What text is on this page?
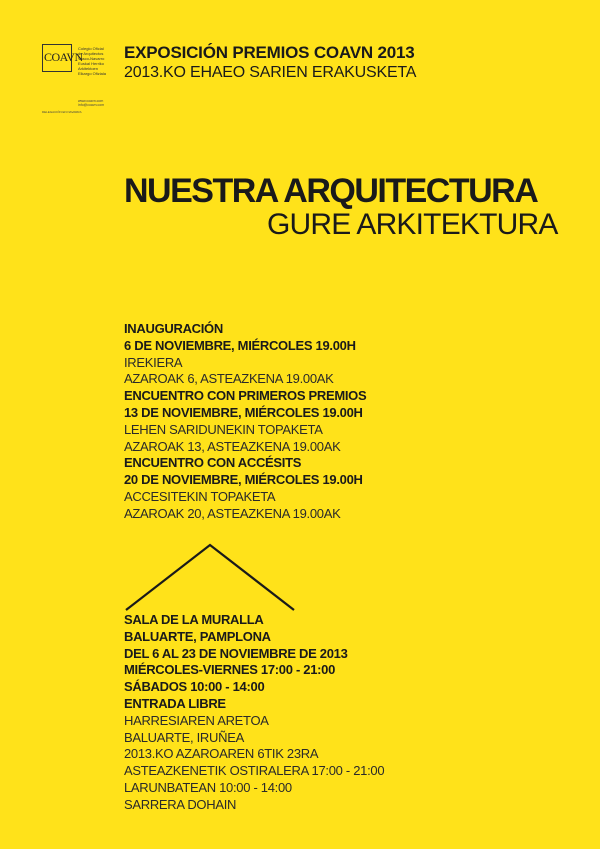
COAVN
Colegio Oficial
de Arquitectos
Vasco-Navarro
Euskal Herriko
Arkitektoen
Elkargo Ofiziala
www.coavn.com
info@coavn.com
DELEGACIÓN EN NAVARRA
EXPOSICIÓN PREMIOS COAVN 2013
2013.KO EHAEO SARIEN ERAKUSKETA
NUESTRA ARQUITECTURA
GURE ARKITEKTURA
INAUGURACIÓN
6 DE NOVIEMBRE, MIÉRCOLES 19.00H
IREKIERA
AZAROAK 6, ASTEAZKENA 19.00AK
ENCUENTRO CON PRIMEROS PREMIOS
13 DE NOVIEMBRE, MIÉRCOLES 19.00H
LEHEN SARIDUNEKIN TOPAKETA
AZAROAK 13, ASTEAZKENA 19.00AK
ENCUENTRO CON ACCÉSITS
20 DE NOVIEMBRE, MIÉRCOLES 19.00H
ACCESITEKIN TOPAKETA
AZAROAK 20, ASTEAZKENA 19.00AK
SALA DE LA MURALLA
BALUARTE, PAMPLONA
DEL 6 AL 23 DE NOVIEMBRE DE 2013
MIÉRCOLES-VIERNES 17:00 - 21:00
SÁBADOS 10:00 - 14:00
ENTRADA LIBRE
HARRESIAREN ARETOA
BALUARTE, IRUÑEA
2013.KO AZAROAREN 6TIK 23RA
ASTEAZKENETIK OSTIRALERA 17:00 - 21:00
LARUNBATEAN 10:00 - 14:00
SARRERA DOHAIN
